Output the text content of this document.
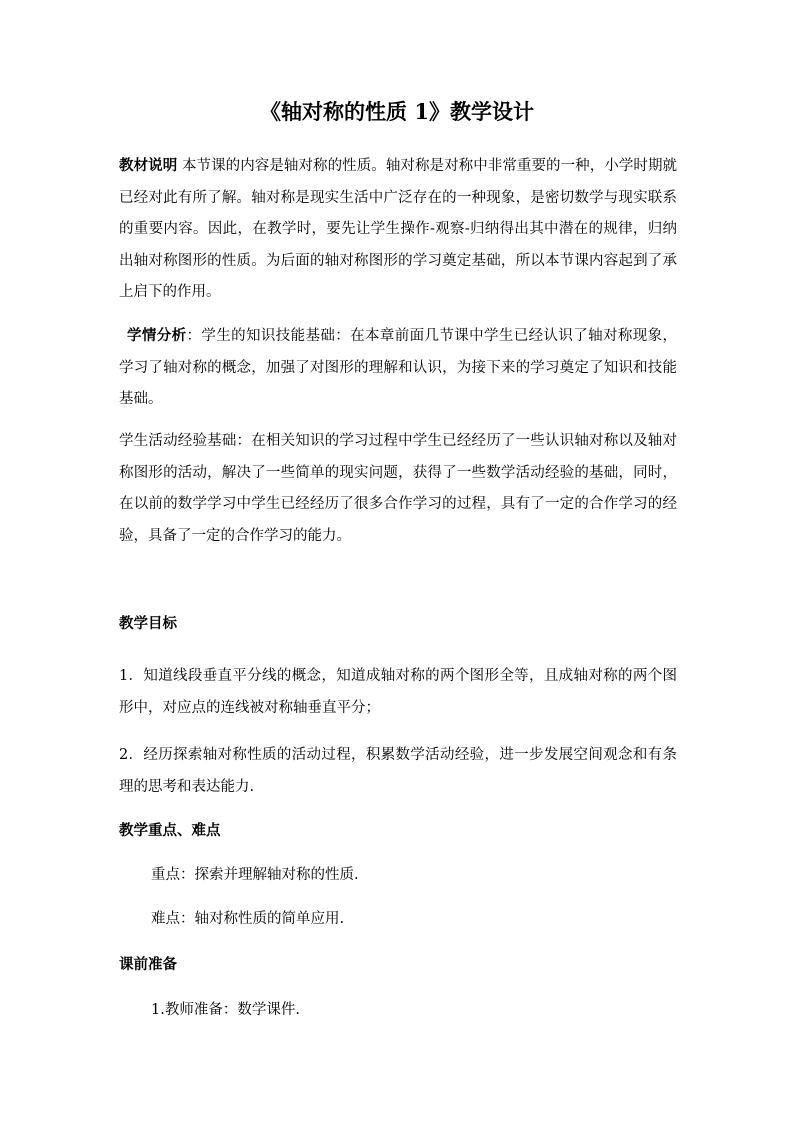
《轴对称的性质 1》教学设计
教材说明 本节课的内容是轴对称的性质。轴对称是对称中非常重要的一种，小学时期就已经对此有所了解。轴对称是现实生活中广泛存在的一种现象，是密切数学与现实联系的重要内容。因此，在教学时，要先让学生操作-观察-归纳得出其中潜在的规律，归纳出轴对称图形的性质。为后面的轴对称图形的学习奠定基础，所以本节课内容起到了承上启下的作用。
学情分析：学生的知识技能基础：在本章前面几节课中学生已经认识了轴对称现象，学习了轴对称的概念，加强了对图形的理解和认识，为接下来的学习奠定了知识和技能基础。
学生活动经验基础：在相关知识的学习过程中学生已经经历了一些认识轴对称以及轴对称图形的活动，解决了一些简单的现实问题，获得了一些数学活动经验的基础，同时，在以前的数学学习中学生已经经历了很多合作学习的过程，具有了一定的合作学习的经验，具备了一定的合作学习的能力。
教学目标
1．知道线段垂直平分线的概念，知道成轴对称的两个图形全等，且成轴对称的两个图形中，对应点的连线被对称轴垂直平分；
2．经历探索轴对称性质的活动过程，积累数学活动经验，进一步发展空间观念和有条理的思考和表达能力.
教学重点、难点
重点：探索并理解轴对称的性质.
难点：轴对称性质的简单应用.
课前准备
1.教师准备：数学课件.
